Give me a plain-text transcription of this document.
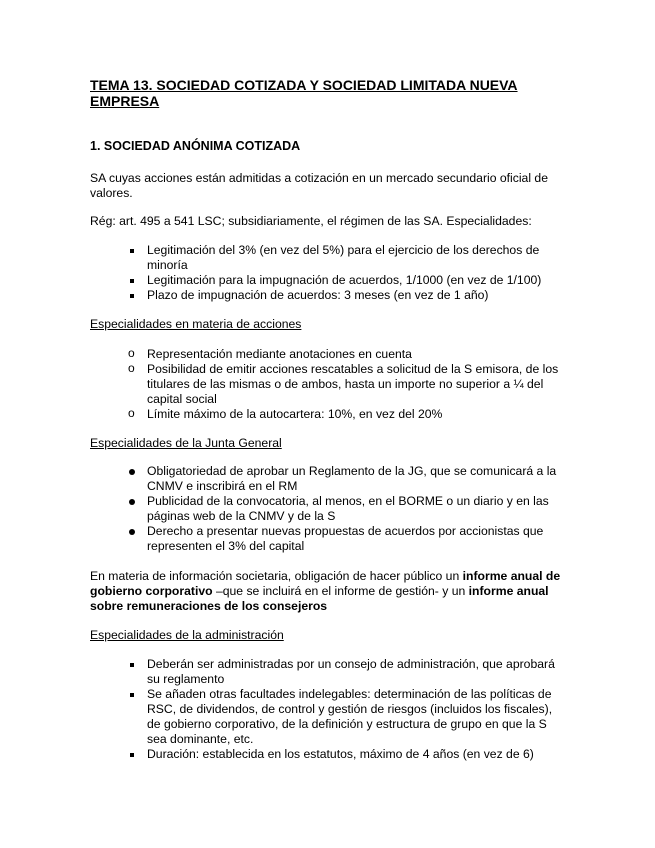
TEMA 13. SOCIEDAD COTIZADA Y SOCIEDAD LIMITADA NUEVA EMPRESA
1. SOCIEDAD ANÓNIMA COTIZADA
SA cuyas acciones están admitidas a cotización en un mercado secundario oficial de valores.
Rég: art. 495 a 541 LSC; subsidiariamente, el régimen de las SA. Especialidades:
Legitimación del 3% (en vez del 5%) para el ejercicio de los derechos de minoría
Legitimación para la impugnación de acuerdos, 1/1000 (en vez de 1/100)
Plazo de impugnación de acuerdos: 3 meses (en vez de 1 año)
Especialidades en materia de acciones
o Representación mediante anotaciones en cuenta
o Posibilidad de emitir acciones rescatables a solicitud de la S emisora, de los titulares de las mismas o de ambos, hasta un importe no superior a ¼ del capital social
o Límite máximo de la autocartera: 10%, en vez del 20%
Especialidades de la Junta General
Obligatoriedad de aprobar un Reglamento de la JG, que se comunicará a la CNMV e inscribirá en el RM
Publicidad de la convocatoria, al menos, en el BORME o un diario y en las páginas web de la CNMV y de la S
Derecho a presentar nuevas propuestas de acuerdos por accionistas que representen el 3% del capital
En materia de información societaria, obligación de hacer público un informe anual de gobierno corporativo –que se incluirá en el informe de gestión- y un informe anual sobre remuneraciones de los consejeros
Especialidades de la administración
Deberán ser administradas por un consejo de administración, que aprobará su reglamento
Se añaden otras facultades indelegables: determinación de las políticas de RSC, de dividendos, de control y gestión de riesgos (incluidos los fiscales), de gobierno corporativo, de la definición y estructura de grupo en que la S sea dominante, etc.
Duración: establecida en los estatutos, máximo de 4 años (en vez de 6)
